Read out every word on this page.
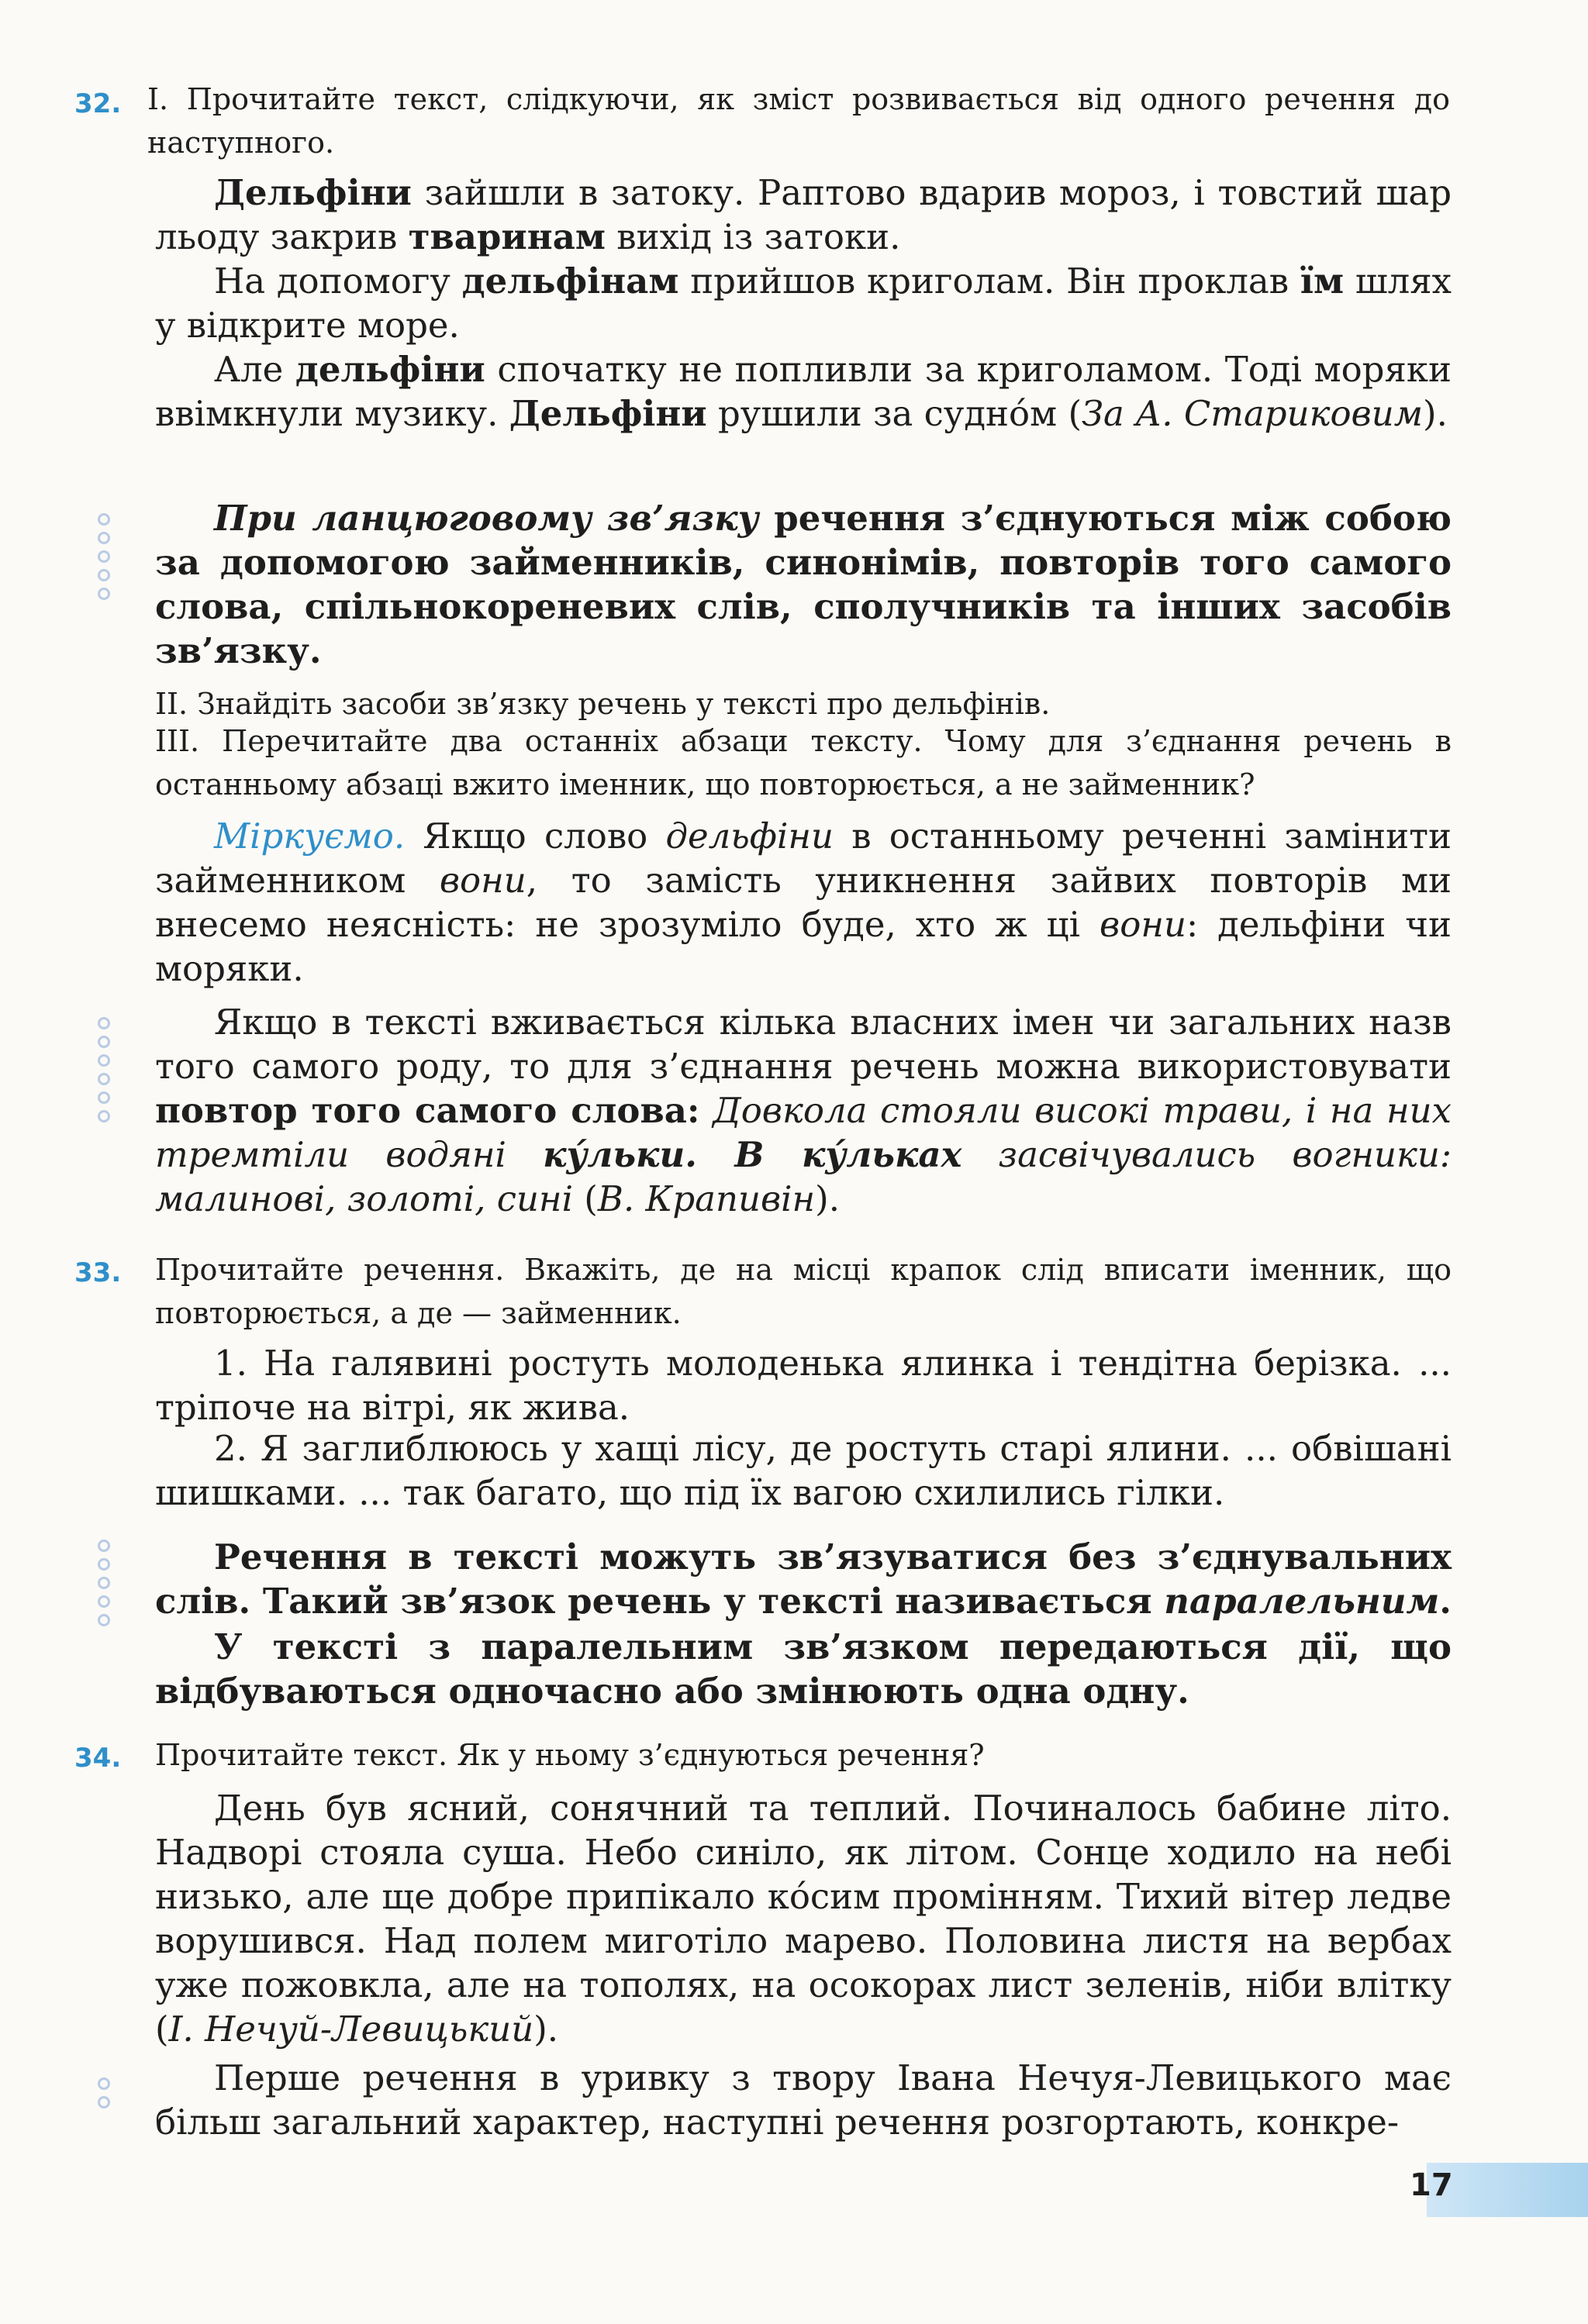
32. I. Прочитайте текст, слідкуючи, як зміст розвивається від одного речення до наступного.
Дельфіни зайшли в затоку. Раптово вдарив мороз, і товстий шар льоду закрив тваринам вихід із затоки.
На допомогу дельфінам прийшов криголам. Він проклав їм шлях у відкрите море.
Але дельфіни спочатку не попливли за криголамом. Тоді моряки ввімкнули музику. Дельфіни рушили за судно́м (За А. Стариковим).
При ланцюговому зв’язку речення з’єднуються між собою за допомогою займенників, синонімів, повторів того самого слова, спільнокореневих слів, сполучників та інших засобів зв’язку.
II. Знайдіть засоби зв’язку речень у тексті про дельфінів.
III. Перечитайте два останніх абзаци тексту. Чому для з’єднання речень в останньому абзаці вжито іменник, що повторюється, а не займенник?
Міркуємо. Якщо слово дельфіни в останньому реченні замінити займенником вони, то замість уникнення зайвих повторів ми внесемо неясність: не зрозуміло буде, хто ж ці вони: дельфіни чи моряки.
Якщо в тексті вживається кілька власних імен чи загальних назв того самого роду, то для з’єднання речень можна використовувати повтор того самого слова: Довкола стояли високі трави, і на них тремтіли водяні ку́льки. В ку́льках засвічувались вогники: малинові, золоті, сині (В. Крапивін).
33. Прочитайте речення. Вкажіть, де на місці крапок слід вписати іменник, що повторюється, а де — займенник.
1. На галявині ростуть молоденька ялинка і тендітна берізка. ... тріпоче на вітрі, як жива.
2. Я заглиблююсь у хащі лісу, де ростуть старі ялини. ... обвішані шишками. ... так багато, що під їх вагою схилились гілки.
Речення в тексті можуть зв’язуватися без з’єднувальних слів. Такий зв’язок речень у тексті називається паралельним.
У тексті з паралельним зв’язком передаються дії, що відбуваються одночасно або змінюють одна одну.
34. Прочитайте текст. Як у ньому з’єднуються речення?
День був ясний, сонячний та теплий. Починалось бабине літо. Надворі стояла суша. Небо синіло, як літом. Сонце ходило на небі низько, але ще добре припікало ко́сим промінням. Тихий вітер ледве ворушився. Над полем миготіло марево. Половина листя на вербах уже пожовкла, але на тополях, на осокорах лист зеленів, ніби влітку (І. Нечуй-Левицький).
Перше речення в уривку з твору Івана Нечуя-Левицького має більш загальний характер, наступні речення розгортають, конкре-
17
